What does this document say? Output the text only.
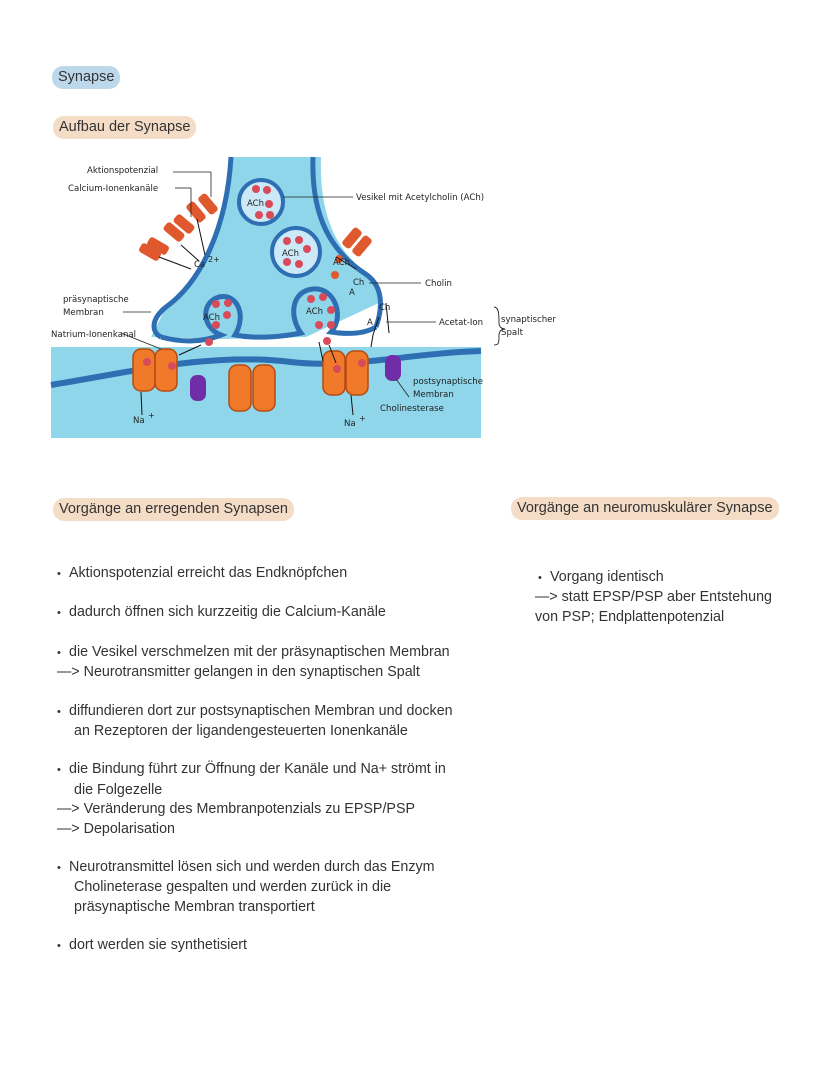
Synapse
Aufbau der Synapse
ACh
ACh
ACh
ACh
ACh
Ca
2+
Ch
Ch
A
A
Aktionspotenzial
Calcium-Ionenkanäle
Vesikel mit Acetylcholin (ACh)
Cholin
präsynaptische
Membran
Natrium-Ionenkanal
Acetat-Ion synaptischer
Spalt
postsynaptische
Membran
Cholinesterase
Na
+
Na
+
Vorgänge an erregenden Synapsen	Vorgänge an neuromuskulärer Synapse

• Aktionspotenzial erreicht das Endknöpfchen

• dadurch öffnen sich kurzzeitig die Calcium-Kanäle

• die Vesikel verschmelzen mit der präsynaptischen Membran

—> Neurotransmitter gelangen in den synaptischen Spalt

• diffundieren dort zur postsynaptischen Membran und docken

an Rezeptoren der ligandengesteuerten Ionenkanäle

• die Bindung führt zur Öffnung der Kanäle und Na+ strömt in

die Folgezelle

—> Veränderung des Membranpotenzials zu EPSP/PSP

—> Depolarisation

• Neurotransmittel lösen sich und werden durch das Enzym

Cholineterase gespalten und werden zurück in die

präsynaptische Membran transportiert

• dort werden sie synthetisiert

• Vorgang identisch

—> statt EPSP/PSP aber Entstehung

von PSP; Endplattenpotenzial
